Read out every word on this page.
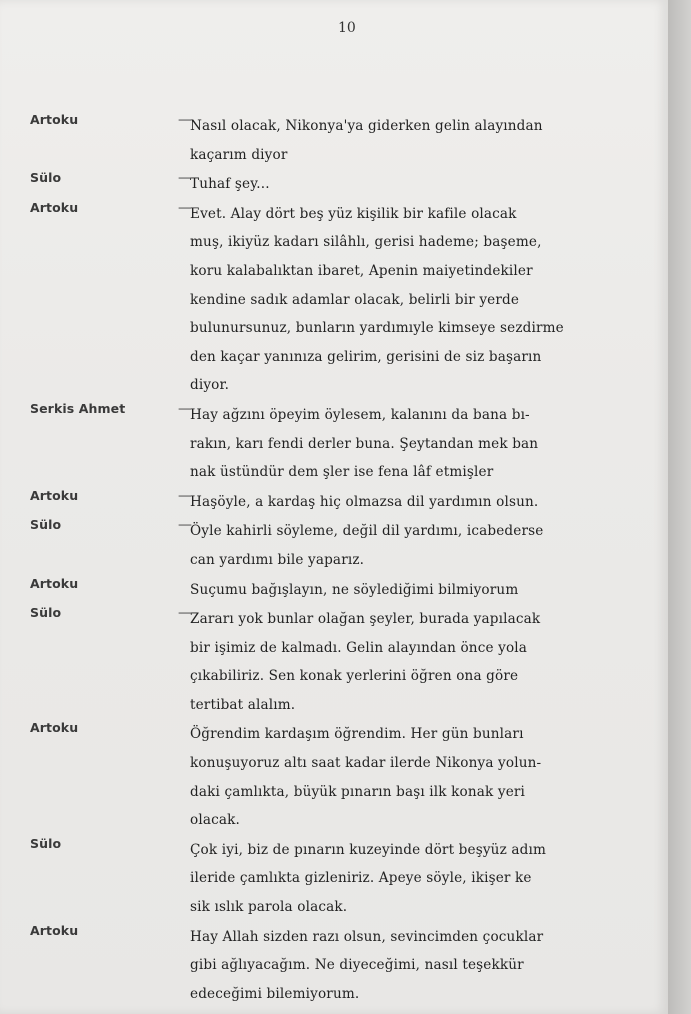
10
Artoku	—
Nasıl olacak, Nikonya'ya giderken gelin alayından
kaçarım diyor
Sülo	—
Tuhaf şey...
Artoku	—
Evet. Alay dört beş yüz kişilik bir kafile olacak
muş, ikiyüz kadarı silâhlı, gerisi hademe; başeme,
koru kalabalıktan ibaret, Apenin maiyetindekiler
kendine sadık adamlar olacak, belirli bir yerde
bulunursunuz, bunların yardımıyle kimseye sezdirme
den kaçar yanınıza gelirim, gerisini de siz başarın
diyor.
Serkis Ahmet	—
Hay ağzını öpeyim öylesem, kalanını da bana bı-
rakın, karı fendi derler buna. Şeytandan mek ban
nak üstündür dem şler ise fena lâf etmişler
Artoku	—
Haşöyle, a kardaş hiç olmazsa dil yardımın olsun.
Sülo	—
Öyle kahirli söyleme, değil dil yardımı, icabederse
can yardımı bile yaparız.
Artoku	Suçumu bağışlayın, ne söylediğimi bilmiyorum
Sülo	—
Zararı yok bunlar olağan şeyler, burada yapılacak
bir işimiz de kalmadı. Gelin alayından önce yola
çıkabiliriz. Sen konak yerlerini öğren ona göre
tertibat alalım.
Artoku	Öğrendim kardaşım öğrendim. Her gün bunları
konuşuyoruz altı saat kadar ilerde Nikonya yolun-
daki çamlıkta, büyük pınarın başı ilk konak yeri
olacak.
Sülo	Çok iyi, biz de pınarın kuzeyinde dört beşyüz adım
ileride çamlıkta gizleniriz. Apeye söyle, ikişer ke
sik ıslık parola olacak.
Artoku	Hay Allah sizden razı olsun, sevincimden çocuklar
gibi ağlıyacağım. Ne diyeceğimi, nasıl teşekkür
edeceğimi bilemiyorum.
